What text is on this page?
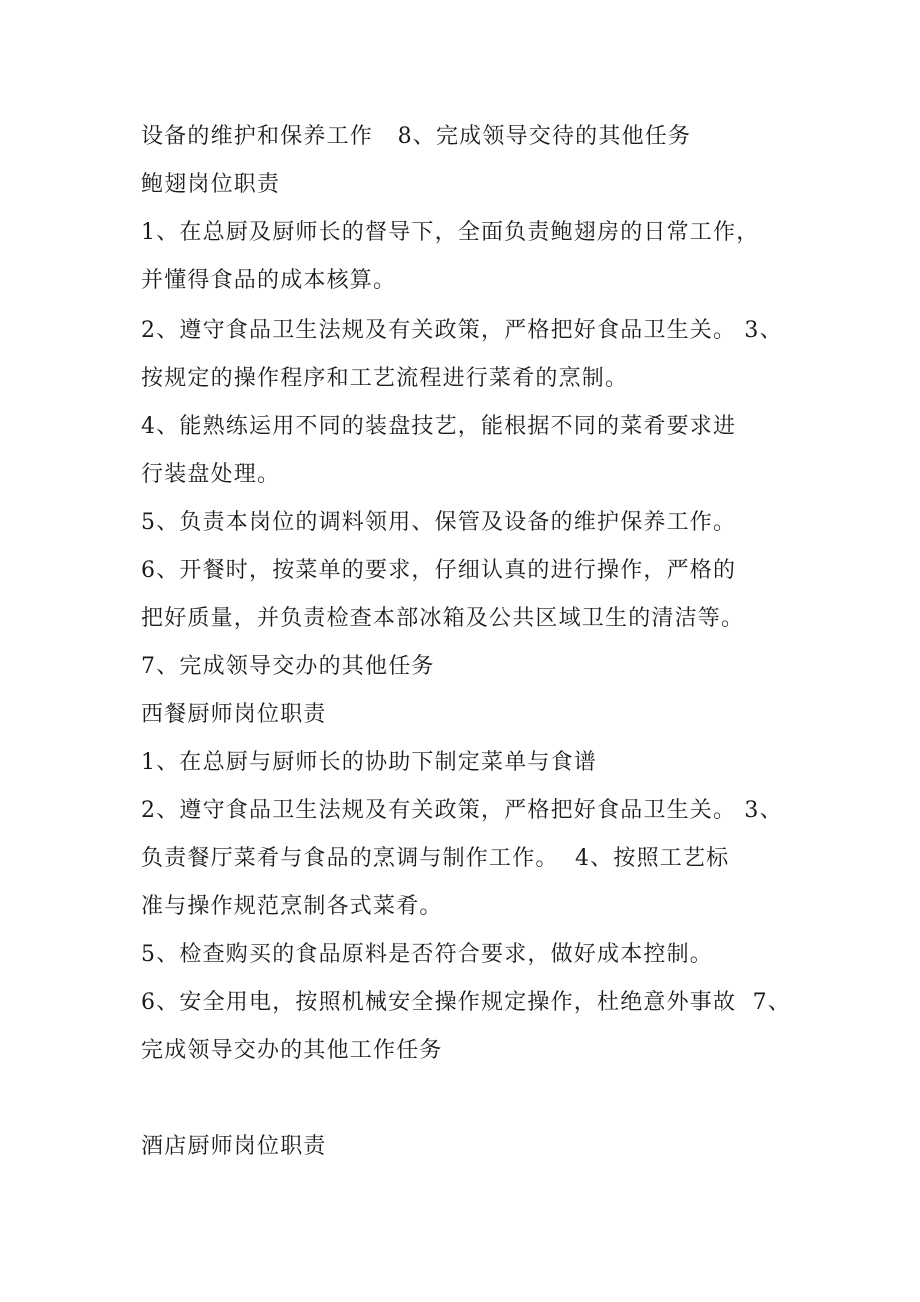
设备的维护和保养工作   8、完成领导交待的其他任务
鲍翅岗位职责
1、在总厨及厨师长的督导下，全面负责鲍翅房的日常工作，
并懂得食品的成本核算。
2、遵守食品卫生法规及有关政策，严格把好食品卫生关。 3、
按规定的操作程序和工艺流程进行菜肴的烹制。
4、能熟练运用不同的装盘技艺，能根据不同的菜肴要求进
行装盘处理。
5、负责本岗位的调料领用、保管及设备的维护保养工作。
6、开餐时，按菜单的要求，仔细认真的进行操作，严格的
把好质量，并负责检查本部冰箱及公共区域卫生的清洁等。
7、完成领导交办的其他任务
西餐厨师岗位职责
1、在总厨与厨师长的协助下制定菜单与食谱
2、遵守食品卫生法规及有关政策，严格把好食品卫生关。 3、
负责餐厅菜肴与食品的烹调与制作工作。  4、按照工艺标
准与操作规范烹制各式菜肴。
5、检查购买的食品原料是否符合要求，做好成本控制。
6、安全用电，按照机械安全操作规定操作，杜绝意外事故  7、
完成领导交办的其他工作任务
酒店厨师岗位职责
